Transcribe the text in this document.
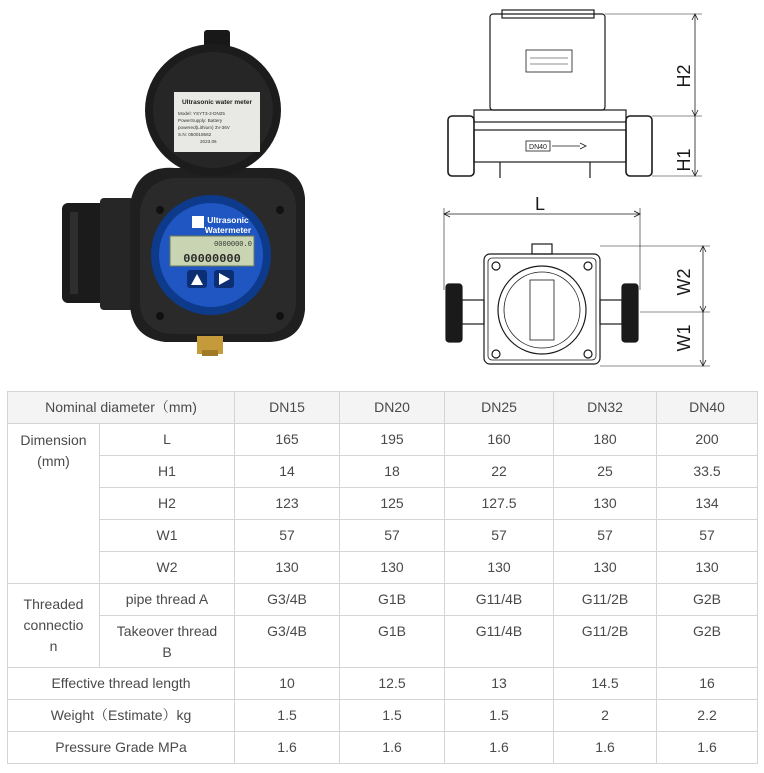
Ultrasonic
Watermeter
0000000.0
00000000
Ultrasonic water meter
Model: YSYT3-2-DN25
PowerSupply: Battery
powered(Lithium) 3V-36V
S.N: 050018662
2023.06
DN40
H2
H1
L
W2
W1
Nominal diameter（mm)		DN15	DN20	DN25	DN32	DN40
Dimension
(mm)	L	165	195	160	180	200
	H1	14	18	22	25	33.5
	H2	123	125	127.5	130	134
	W1	57	57	57	57	57
	W2	130	130	130	130	130
Threaded
connectio
n	pipe thread A	G3/4B	G1B	G11/4B	G11/2B	G2B
	Takeover thread
B	G3/4B	G1B	G11/4B	G11/2B	G2B
Effective thread length		10	12.5	13	14.5	16
Weight（Estimate）kg		1.5	1.5	1.5	2	2.2
Pressure Grade MPa		1.6	1.6	1.6	1.6	1.6
